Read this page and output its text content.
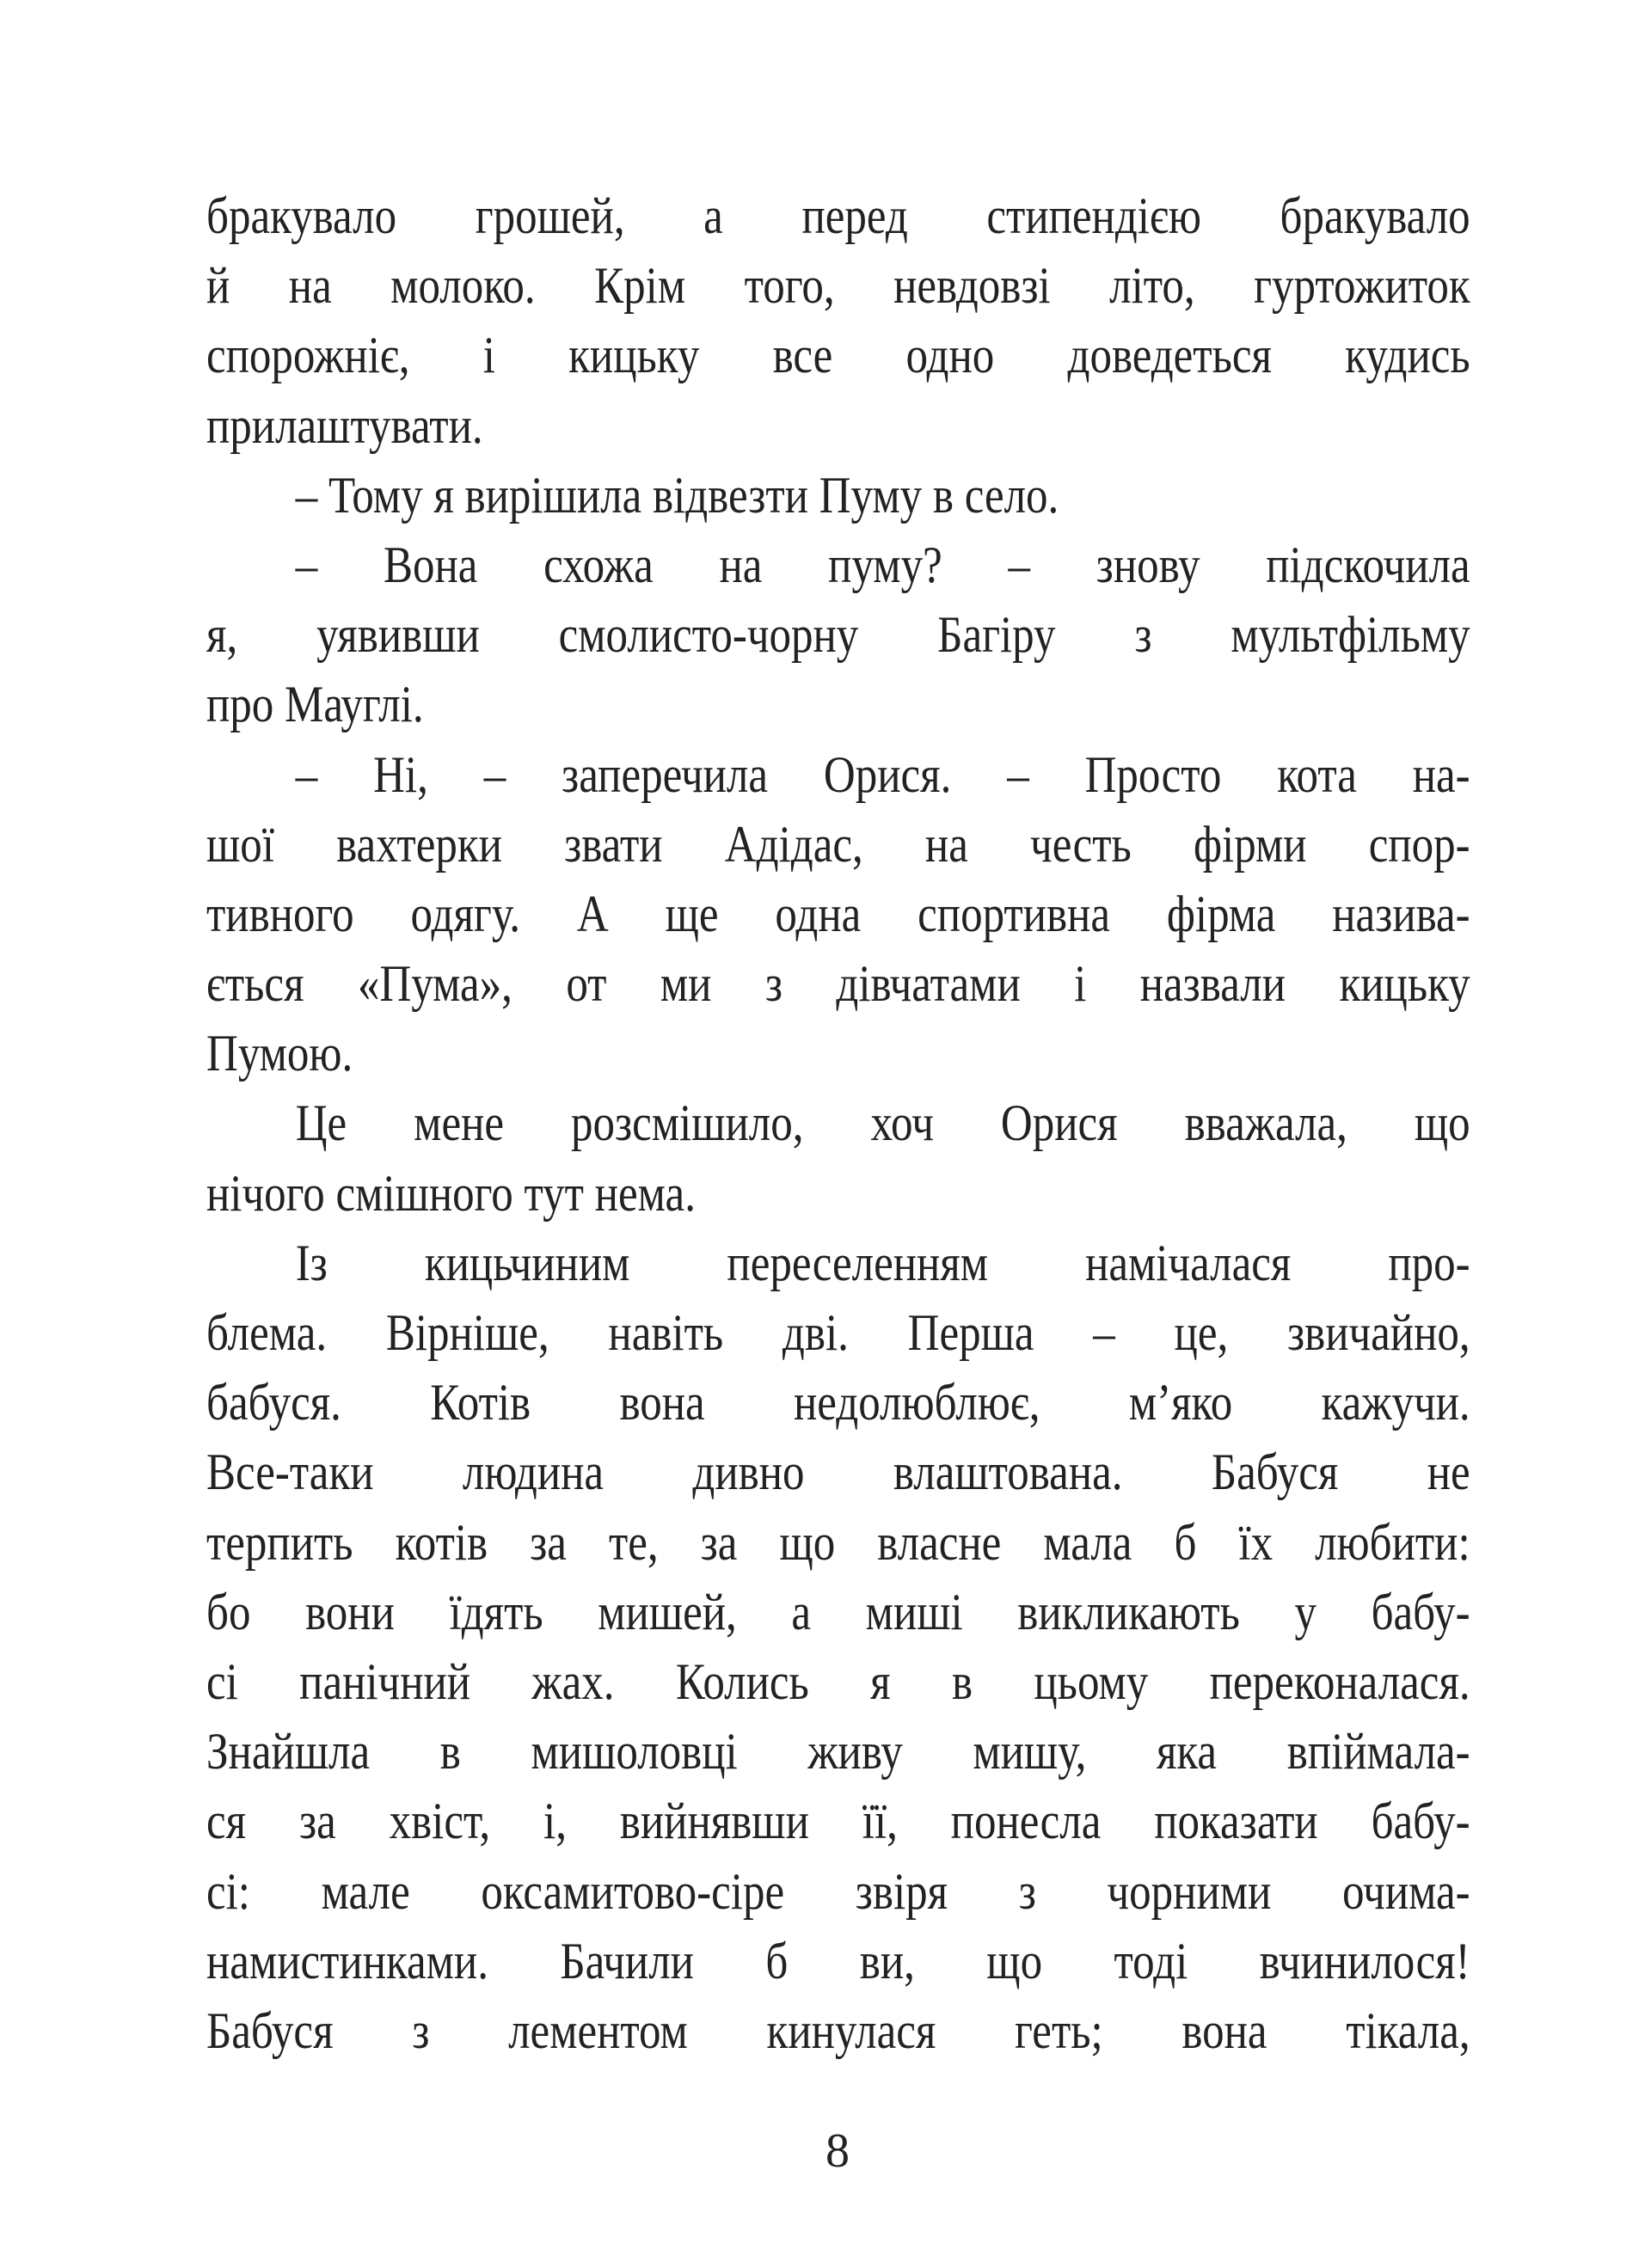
бракувало грошей, а перед стипендією бракувало
й на молоко. Крім того, невдовзі літо, гуртожиток
спорожніє, і кицьку все одно доведеться кудись
прилаштувати.
– Тому я вирішила відвезти Пуму в село.
– Вона схожа на пуму? – знову підскочила
я, уявивши смолисто-чорну Багіру з мультфільму
про Мауглі.
– Ні, – заперечила Орися. – Просто кота на-
шої вахтерки звати Адідас, на честь фірми спор-
тивного одягу. А ще одна спортивна фірма назива-
ється «Пума», от ми з дівчатами і назвали кицьку
Пумою.
Це мене розсмішило, хоч Орися вважала, що
нічого смішного тут нема.
Із кицьчиним переселенням намічалася про-
блема. Вірніше, навіть дві. Перша – це, звичайно,
бабуся. Котів вона недолюблює, м’яко кажучи.
Все-таки людина дивно влаштована. Бабуся не
терпить котів за те, за що власне мала б їх любити:
бо вони їдять мишей, а миші викликають у бабу-
сі панічний жах. Колись я в цьому переконалася.
Знайшла в мишоловці живу мишу, яка впіймала-
ся за хвіст, і, вийнявши її, понесла показати бабу-
сі: мале оксамитово-сіре звіря з чорними очима-
намистинками. Бачили б ви, що тоді вчинилося!
Бабуся з лементом кинулася геть; вона тікала,
8
